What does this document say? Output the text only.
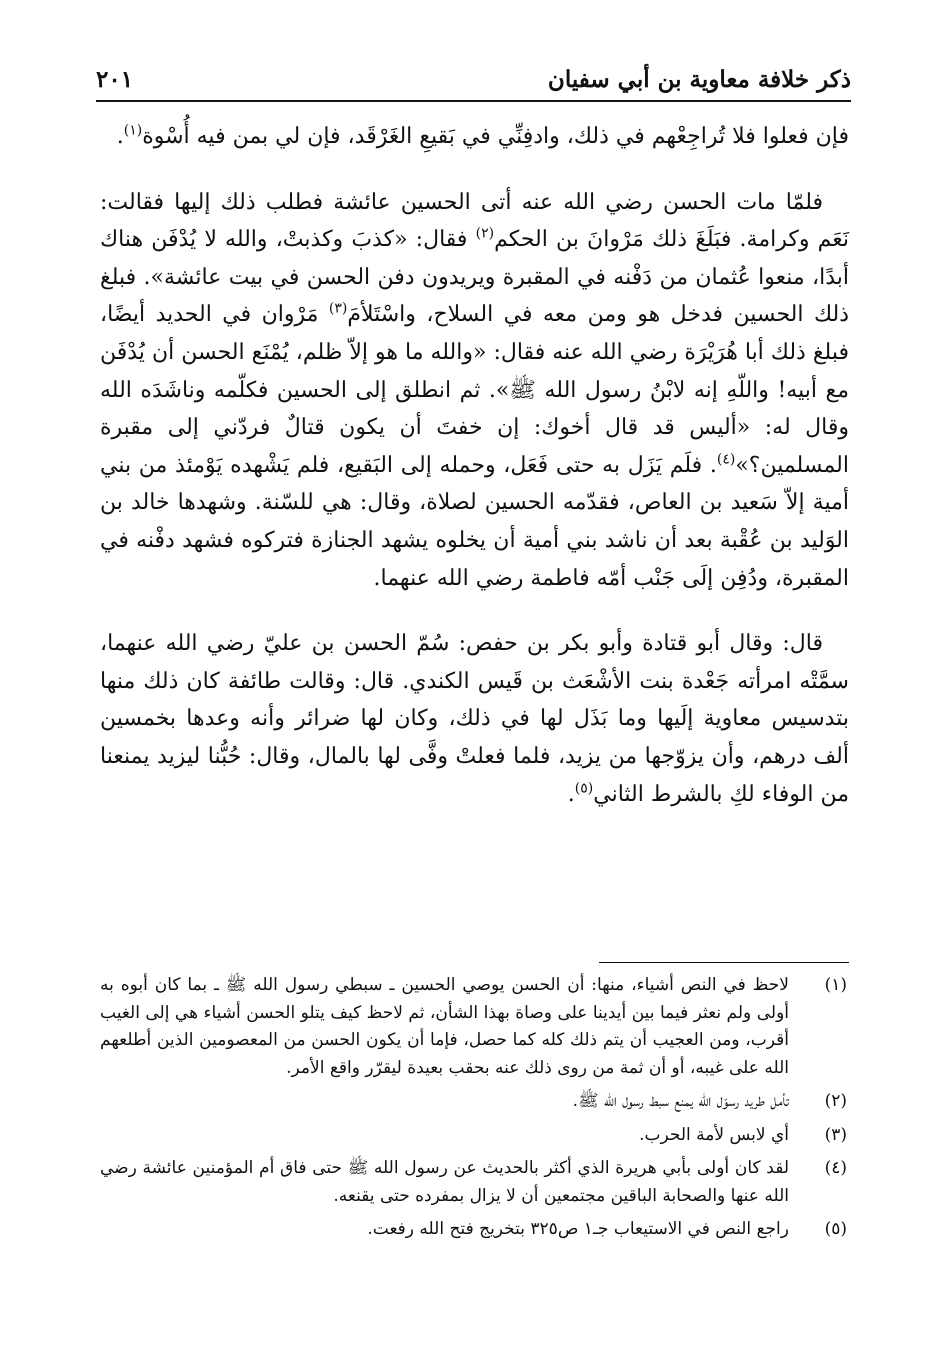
ذكر خلافة معاوية بن أبي سفيان
٢٠١

فإن فعلوا فلا تُراجِعْهم في ذلك، وادفِنِّي في بَقيعِ الغَرْقَد، فإن لي بمن فيه أُسْوة$^{(١)}$.

فلمّا مات الحسن رضي الله عنه أتى الحسين عائشة فطلب ذلك إليها فقالت: نَعَم وكرامة. فبَلَغَ ذلك مَرْوانَ بن الحكم$^{(٢)}$ فقال: «كذبَ وكذبتْ، والله لا يُدْفَن هناك أبدًا، منعوا عُثمان من دَفْنه في المقبرة ويريدون دفن الحسن في بيت عائشة». فبلغ ذلك الحسين فدخل هو ومن معه في السلاح، واسْتَلأمَ$^{(٣)}$ مَرْوان في الحديد أيضًا، فبلغ ذلك أبا هُرَيْرَة رضي الله عنه فقال: «والله ما هو إلاّ ظلم، يُمْنَع الحسن أن يُدْفَن مع أبيه! واللّهِ إنه لابْنُ رسول الله ﷺ». ثم انطلق إلى الحسين فكلّمه وناشَدَه الله وقال له: «أليس قد قال أخوك: إن خفتَ أن يكون قتالٌ فردّني إلى مقبرة المسلمين؟»$^{(٤)}$. فلَم يَزَل به حتى فَعَل، وحمله إلى البَقيع، فلم يَشْهده يَوْمئذ من بني أمية إلاّ سَعيد بن العاص، فقدّمه الحسين لصلاة، وقال: هي للسّنة. وشهدها خالد بن الوَليد بن عُقْبة بعد أن ناشد بني أمية أن يخلوه يشهد الجنازة فتركوه فشهد دفْنه في المقبرة، ودُفِن إلَى جَنْب أمّه فاطمة رضي الله عنهما.

قال: وقال أبو قتادة وأبو بكر بن حفص: سُمّ الحسن بن عليّ رضي الله عنهما، سمَّتْه امرأته جَعْدة بنت الأشْعَث بن قَيس الكندي. قال: وقالت طائفة كان ذلك منها بتدسيس معاوية إلَيها وما بَذَل لها في ذلك، وكان لها ضرائر وأنه وعدها بخمسين ألف درهم، وأن يزوّجها من يزيد، فلما فعلتْ وفَّى لها بالمال، وقال: حُبُّنا ليزيد يمنعنا من الوفاء لكِ بالشرط الثاني$^{(٥)}$.

(١)
لاحظ في النص أشياء، منها: أن الحسن يوصي الحسين ـ سبطي رسول الله ﷺ ـ بما كان أبوه به أولى ولم نعثر فيما بين أيدينا على وصاة بهذا الشأن، ثم لاحظ كيف يتلو الحسن أشياء هي إلى الغيب أقرب، ومن العجيب أن يتم ذلك كله كما حصل، فإما أن يكون الحسن من المعصومين الذين أطلعهم الله على غيبه، أو أن ثمة من روى ذلك عنه بحقب بعيدة ليقرّر واقع الأمر.
(٢)
تأمل طريد رسوّل الله يمنع سبط رسول الله ﷺ.
(٣)
أي لابس لأمة الحرب.
(٤)
لقد كان أولى بأبي هريرة الذي أكثر بالحديث عن رسول الله ﷺ حتى فاق أم المؤمنين عائشة رضي الله عنها والصحابة الباقين مجتمعين أن لا يزال بمفرده حتى يقنعه.
(٥)
راجع النص في الاستيعاب جـ١ ص٣٢٥ بتخريج فتح الله رفعت.
